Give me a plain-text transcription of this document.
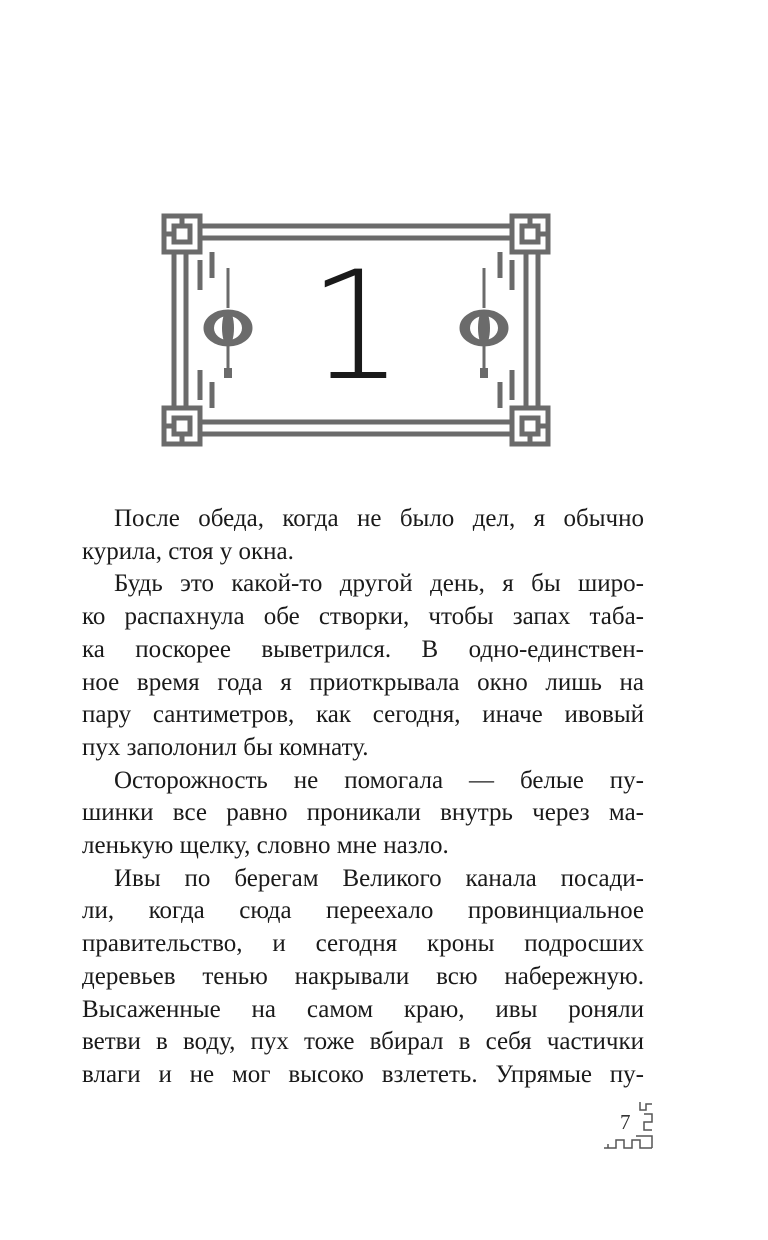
1
После обеда, когда не было дел, я обычно
курила, стоя у окна.
Будь это какой-то другой день, я бы широ-
ко распахнула обе створки, чтобы запах таба-
ка поскорее выветрился. В одно-единствен-
ное время года я приоткрывала окно лишь на
пару сантиметров, как сегодня, иначе ивовый
пух заполонил бы комнату.
Осторожность не помогала — белые пу-
шинки все равно проникали внутрь через ма-
ленькую щелку, словно мне назло.
Ивы по берегам Великого канала посади-
ли, когда сюда переехало провинциальное
правительство, и сегодня кроны подросших
деревьев тенью накрывали всю набережную.
Высаженные на самом краю, ивы роняли
ветви в воду, пух тоже вбирал в себя частички
влаги и не мог высоко взлететь. Упрямые пу-
7
